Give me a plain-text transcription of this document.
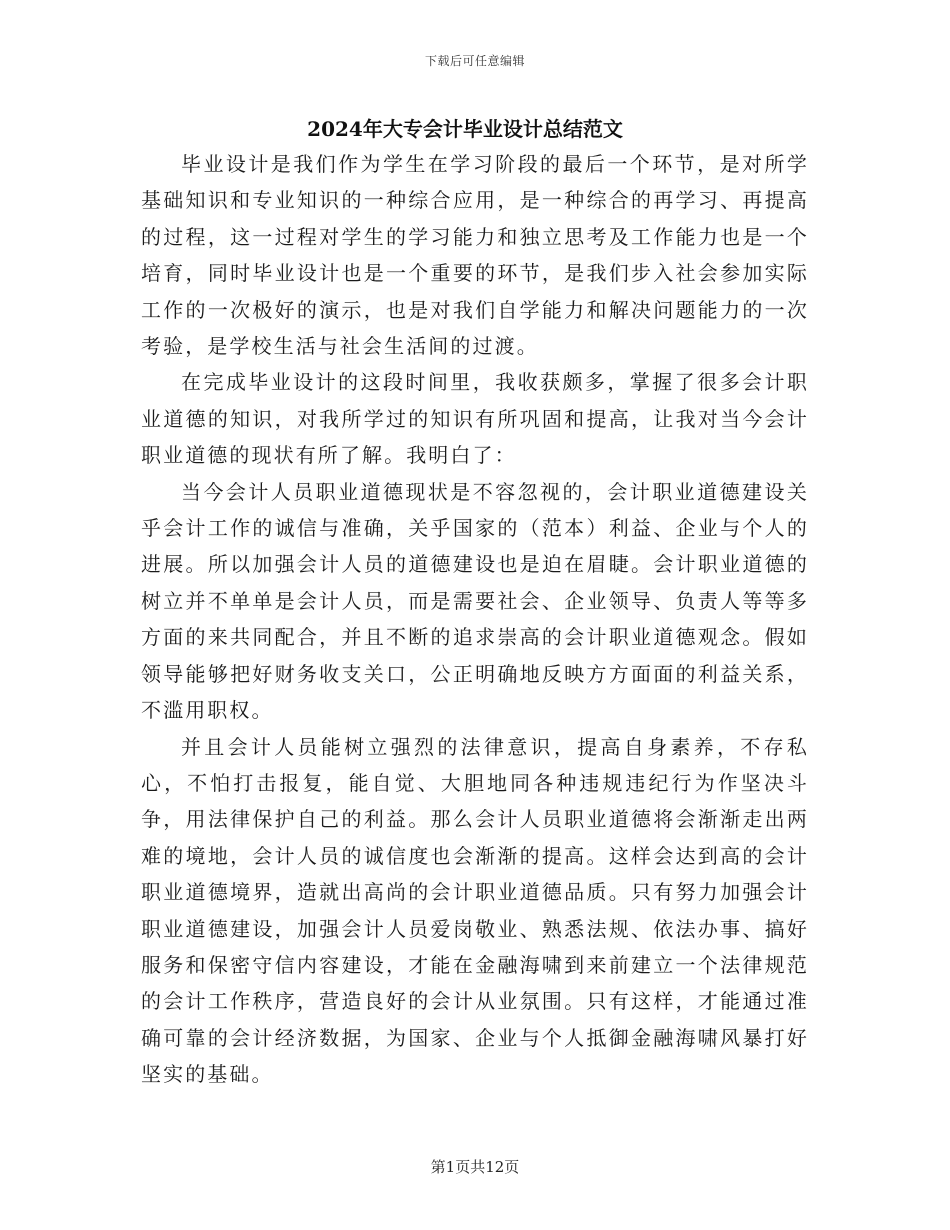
下载后可任意编辑
2024年大专会计毕业设计总结范文

毕业设计是我们作为学生在学习阶段的最后一个环节，是对所学基础知识和专业知识的一种综合应用，是一种综合的再学习、再提高的过程，这一过程对学生的学习能力和独立思考及工作能力也是一个培育，同时毕业设计也是一个重要的环节，是我们步入社会参加实际工作的一次极好的演示，也是对我们自学能力和解决问题能力的一次考验，是学校生活与社会生活间的过渡。

在完成毕业设计的这段时间里，我收获颇多，掌握了很多会计职业道德的知识，对我所学过的知识有所巩固和提高，让我对当今会计职业道德的现状有所了解。我明白了：

当今会计人员职业道德现状是不容忽视的，会计职业道德建设关乎会计工作的诚信与准确，关乎国家的（范本）利益、企业与个人的进展。所以加强会计人员的道德建设也是迫在眉睫。会计职业道德的树立并不单单是会计人员，而是需要社会、企业领导、负责人等等多方面的来共同配合，并且不断的追求崇高的会计职业道德观念。假如领导能够把好财务收支关口，公正明确地反映方方面面的利益关系，不滥用职权。

并且会计人员能树立强烈的法律意识，提高自身素养，不存私心，不怕打击报复，能自觉、大胆地同各种违规违纪行为作坚决斗争，用法律保护自己的利益。那么会计人员职业道德将会渐渐走出两难的境地，会计人员的诚信度也会渐渐的提高。这样会达到高的会计职业道德境界，造就出高尚的会计职业道德品质。只有努力加强会计职业道德建设，加强会计人员爱岗敬业、熟悉法规、依法办事、搞好服务和保密守信内容建设，才能在金融海啸到来前建立一个法律规范的会计工作秩序，营造良好的会计从业氛围。只有这样，才能通过准确可靠的会计经济数据，为国家、企业与个人抵御金融海啸风暴打好坚实的基础。

第1页共12页
